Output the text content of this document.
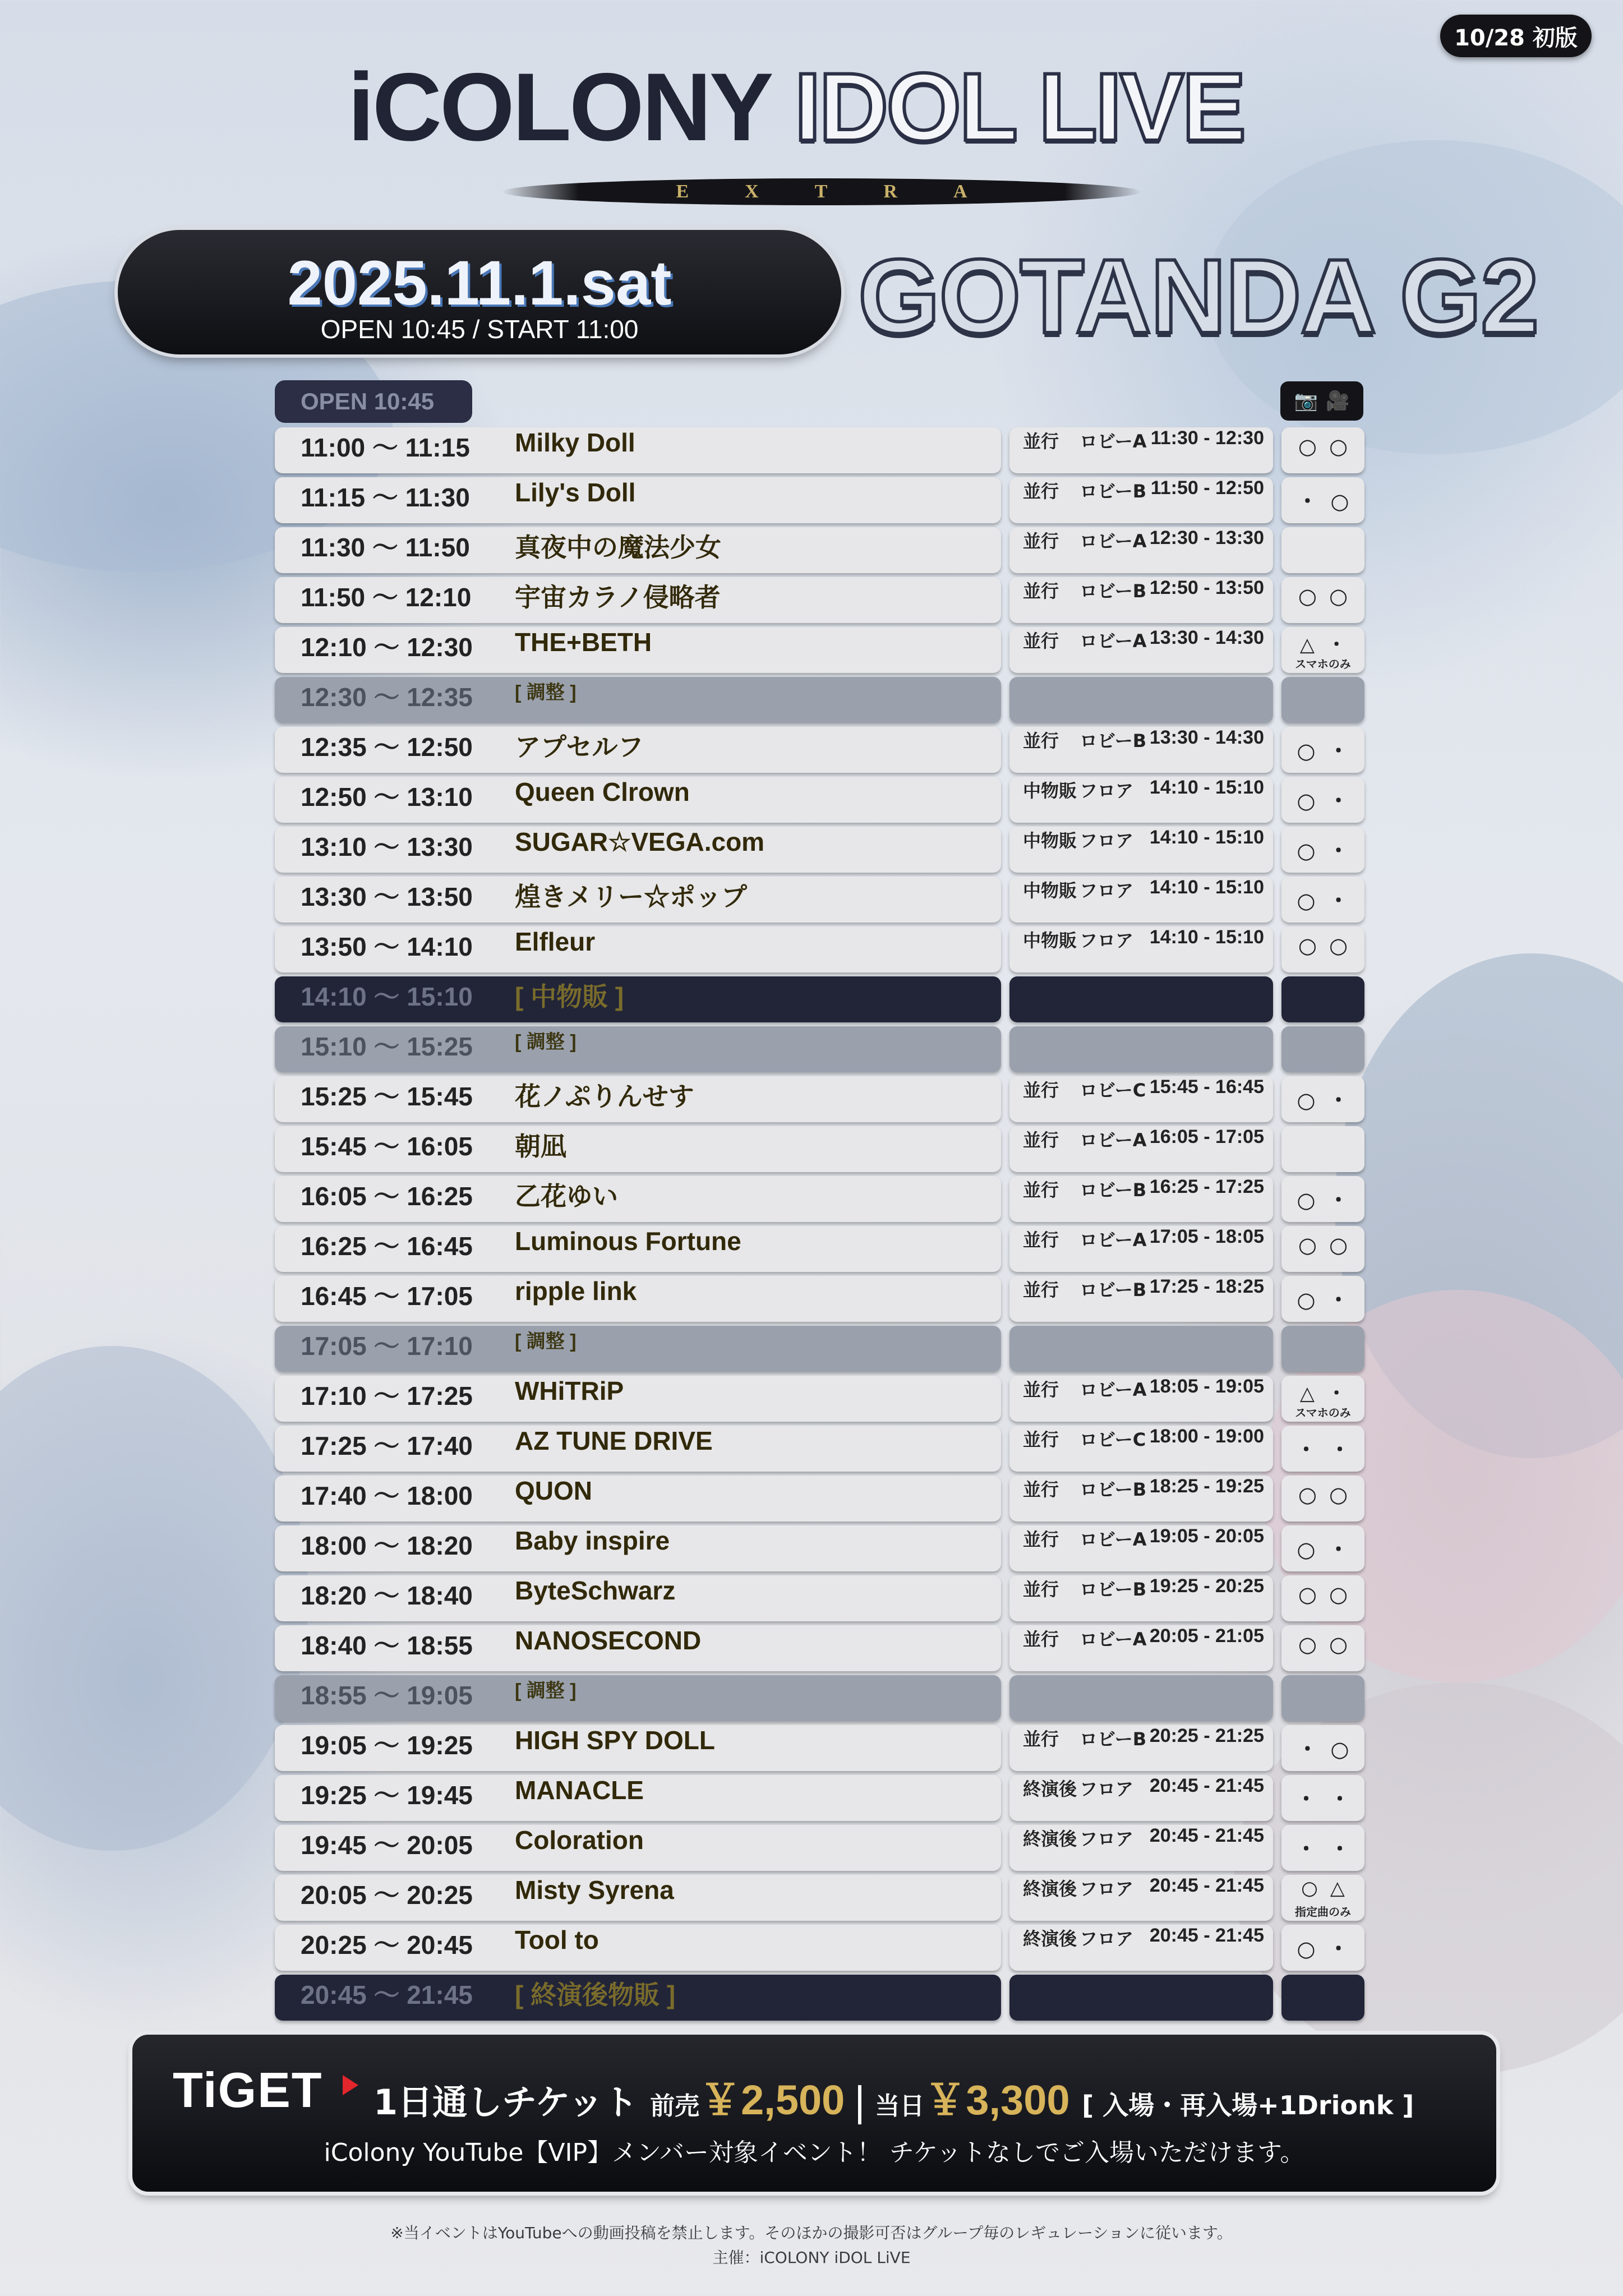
10/28 初版
iCOLONY IDOL LIVE
EXTRA
2025.11.1.sat
OPEN 10:45 / START 11:00	GOTANDA G2
OPEN 10:45	📷 🎥
11:00 〜 11:15 Milky Doll	並行 ロビーA 11:30 - 12:30	○○
11:15 〜 11:30 Lily's Doll	並行 ロビーB 11:50 - 12:50
・○
11:30 〜 11:50 真夜中の魔法少女	並行 ロビーA 12:30 - 13:30
11:50 〜 12:10 宇宙カラノ侵略者	並行 ロビーB 12:50 - 13:50	○○
12:10 〜 12:30 THE+BETH	並行 ロビーA 13:30 - 14:30	△・
スマホのみ
12:30 〜 12:35 [ 調整 ]
12:35 〜 12:50 アプセルフ	並行 ロビーB 13:30 - 14:30
○・
12:50 〜 13:10 Queen Clrown	中物販 フロア 14:10 - 15:10
○・
13:10 〜 13:30 SUGAR☆VEGA.com	中物販 フロア 14:10 - 15:10
○・
13:30 〜 13:50 煌きメリー☆ポップ	中物販 フロア 14:10 - 15:10
○・
13:50 〜 14:10 Elfleur	中物販 フロア 14:10 - 15:10	○○
14:10 〜 15:10 [ 中物販 ]
15:10 〜 15:25 [ 調整 ]
15:25 〜 15:45 花ノぷりんせす	並行 ロビーC 15:45 - 16:45
○・
15:45 〜 16:05 朝凪	並行 ロビーA 16:05 - 17:05
16:05 〜 16:25 乙花ゆい	並行 ロビーB 16:25 - 17:25
○・
16:25 〜 16:45 Luminous Fortune	並行 ロビーA 17:05 - 18:05	○○
16:45 〜 17:05 ripple link	並行 ロビーB 17:25 - 18:25
○・
17:05 〜 17:10 [ 調整 ]
17:10 〜 17:25 WHiTRiP	並行 ロビーA 18:05 - 19:05	△・
スマホのみ
17:25 〜 17:40 AZ TUNE DRIVE	並行 ロビーC 18:00 - 19:00
・・
17:40 〜 18:00 QUON	並行 ロビーB 18:25 - 19:25	○○
18:00 〜 18:20 Baby inspire	並行 ロビーA 19:05 - 20:05
○・
18:20 〜 18:40 ByteSchwarz	並行 ロビーB 19:25 - 20:25	○○
18:40 〜 18:55 NANOSECOND	並行 ロビーA 20:05 - 21:05	○○
18:55 〜 19:05 [ 調整 ]
19:05 〜 19:25 HIGH SPY DOLL	並行 ロビーB 20:25 - 21:25
・○
19:25 〜 19:45 MANACLE	終演後 フロア 20:45 - 21:45
・・
19:45 〜 20:05 Coloration	終演後 フロア 20:45 - 21:45
・・
20:05 〜 20:25 Misty Syrena	終演後 フロア 20:45 - 21:45	○△
指定曲のみ
20:25 〜 20:45 Tool to	終演後 フロア 20:45 - 21:45
○・
20:45 〜 21:45 [ 終演後物販 ]
TiGET 1日通しチケット 前売￥2,500 当日￥3,300 [ 入場・再入場+1Drionk ]
iColony YouTube【VIP】メンバー対象イベント！ チケットなしでご入場いただけます。
※当イベントはYouTubeへの動画投稿を禁止します。そのほかの撮影可否はグループ毎のレギュレーションに従います。
主催：iCOLONY iDOL LiVE
